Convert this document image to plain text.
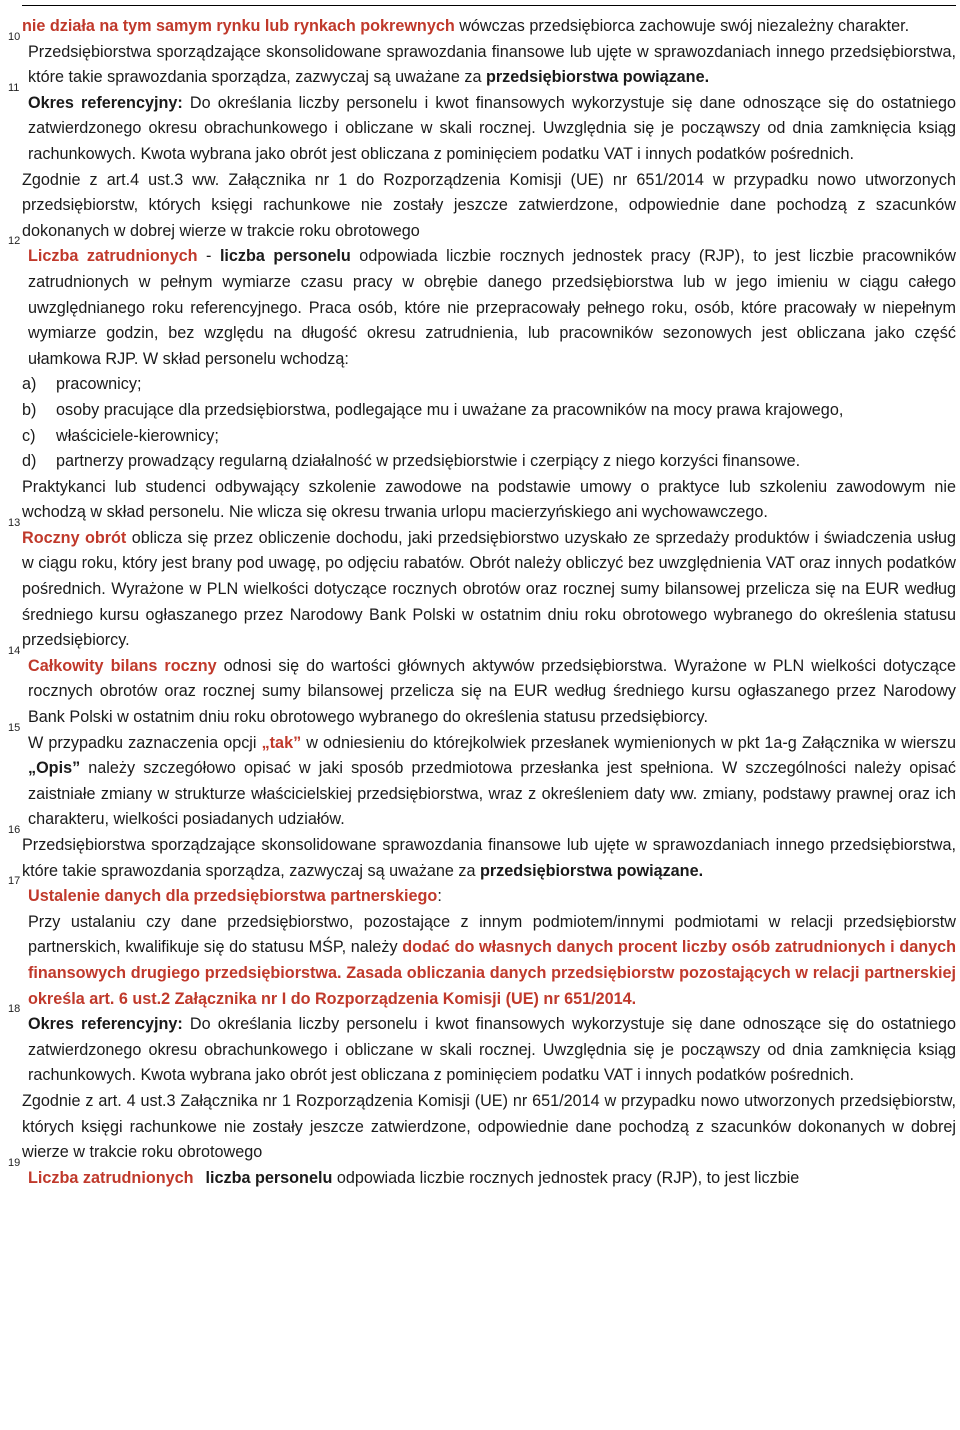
nie działa na tym samym rynku lub rynkach pokrewnych wówczas przedsiębiorca zachowuje swój niezależny charakter.

10

Przedsiębiorstwa sporządzające skonsolidowane sprawozdania finansowe lub ujęte w sprawozdaniach innego przedsiębiorstwa, które takie sprawozdania sporządza, zazwyczaj są uważane za przedsiębiorstwa powiązane.

11

Okres referencyjny: Do określania liczby personelu i kwot finansowych wykorzystuje się dane odnoszące się do ostatniego zatwierdzonego okresu obrachunkowego i obliczane w skali rocznej. Uwzględnia się je począwszy od dnia zamknięcia ksiąg rachunkowych. Kwota wybrana jako obrót jest obliczana z pominięciem podatku VAT i innych podatków pośrednich.

Zgodnie z art.4 ust.3 ww. Załącznika nr 1 do Rozporządzenia Komisji (UE) nr 651/2014 w przypadku nowo utworzonych przedsiębiorstw, których księgi rachunkowe nie zostały jeszcze zatwierdzone, odpowiednie dane pochodzą z szacunków dokonanych w dobrej wierze w trakcie roku obrotowego

12

Liczba zatrudnionych - liczba personelu odpowiada liczbie rocznych jednostek pracy (RJP), to jest liczbie pracowników zatrudnionych w pełnym wymiarze czasu pracy w obrębie danego przedsiębiorstwa lub w jego imieniu w ciągu całego uwzględnianego roku referencyjnego. Praca osób, które nie przepracowały pełnego roku, osób, które pracowały w niepełnym wymiarze godzin, bez względu na długość okresu zatrudnienia, lub pracowników sezonowych jest obliczana jako część ułamkowa RJP. W skład personelu wchodzą:

a)	pracownicy;
b)	osoby pracujące dla przedsiębiorstwa, podlegające mu i uważane za pracowników na mocy prawa krajowego,
c)	właściciele-kierownicy;
d)	partnerzy prowadzący regularną działalność w przedsiębiorstwie i czerpiący z niego korzyści finansowe.

Praktykanci lub studenci odbywający szkolenie zawodowe na podstawie umowy o praktyce lub szkoleniu zawodowym nie wchodzą w skład personelu. Nie wlicza się okresu trwania urlopu macierzyńskiego ani wychowawczego.

13

Roczny obrót oblicza się przez obliczenie dochodu, jaki przedsiębiorstwo uzyskało ze sprzedaży produktów i świadczenia usług w ciągu roku, który jest brany pod uwagę, po odjęciu rabatów. Obrót należy obliczyć bez uwzględnienia VAT oraz innych podatków pośrednich. Wyrażone w PLN wielkości dotyczące rocznych obrotów oraz rocznej sumy bilansowej przelicza się na EUR według średniego kursu ogłaszanego przez Narodowy Bank Polski w ostatnim dniu roku obrotowego wybranego do określenia statusu przedsiębiorcy.

14

Całkowity bilans roczny odnosi się do wartości głównych aktywów przedsiębiorstwa. Wyrażone w PLN wielkości dotyczące rocznych obrotów oraz rocznej sumy bilansowej przelicza się na EUR według średniego kursu ogłaszanego przez Narodowy Bank Polski w ostatnim dniu roku obrotowego wybranego do określenia statusu przedsiębiorcy.

15

W przypadku zaznaczenia opcji „tak” w odniesieniu do którejkolwiek przesłanek wymienionych w pkt 1a-g Załącznika w wierszu „Opis” należy szczegółowo opisać w jaki sposób przedmiotowa przesłanka jest spełniona. W szczególności należy opisać zaistniałe zmiany w strukturze właścicielskiej przedsiębiorstwa, wraz z określeniem daty ww. zmiany, podstawy prawnej oraz ich charakteru, wielkości posiadanych udziałów.

16

Przedsiębiorstwa sporządzające skonsolidowane sprawozdania finansowe lub ujęte w sprawozdaniach innego przedsiębiorstwa, które takie sprawozdania sporządza, zazwyczaj są uważane za przedsiębiorstwa powiązane.

17

Ustalenie danych dla przedsiębiorstwa partnerskiego:

Przy ustalaniu czy dane przedsiębiorstwo, pozostające z innym podmiotem/innymi podmiotami w relacji przedsiębiorstw partnerskich, kwalifikuje się do statusu MŚP, należy dodać do własnych danych procent liczby osób zatrudnionych i danych finansowych drugiego przedsiębiorstwa. Zasada obliczania danych przedsiębiorstw pozostających w relacji partnerskiej określa art. 6 ust.2 Załącznika nr I do Rozporządzenia Komisji (UE) nr 651/2014.

18

Okres referencyjny: Do określania liczby personelu i kwot finansowych wykorzystuje się dane odnoszące się do ostatniego zatwierdzonego okresu obrachunkowego i obliczane w skali rocznej. Uwzględnia się je począwszy od dnia zamknięcia ksiąg rachunkowych. Kwota wybrana jako obrót jest obliczana z pominięciem podatku VAT i innych podatków pośrednich.

Zgodnie z art. 4 ust.3 Załącznika nr 1 Rozporządzenia Komisji (UE) nr 651/2014 w przypadku nowo utworzonych przedsiębiorstw, których księgi rachunkowe nie zostały jeszcze zatwierdzone, odpowiednie dane pochodzą z szacunków dokonanych w dobrej wierze w trakcie roku obrotowego

19

Liczba zatrudnionych liczba personelu odpowiada liczbie rocznych jednostek pracy (RJP), to jest liczbie
